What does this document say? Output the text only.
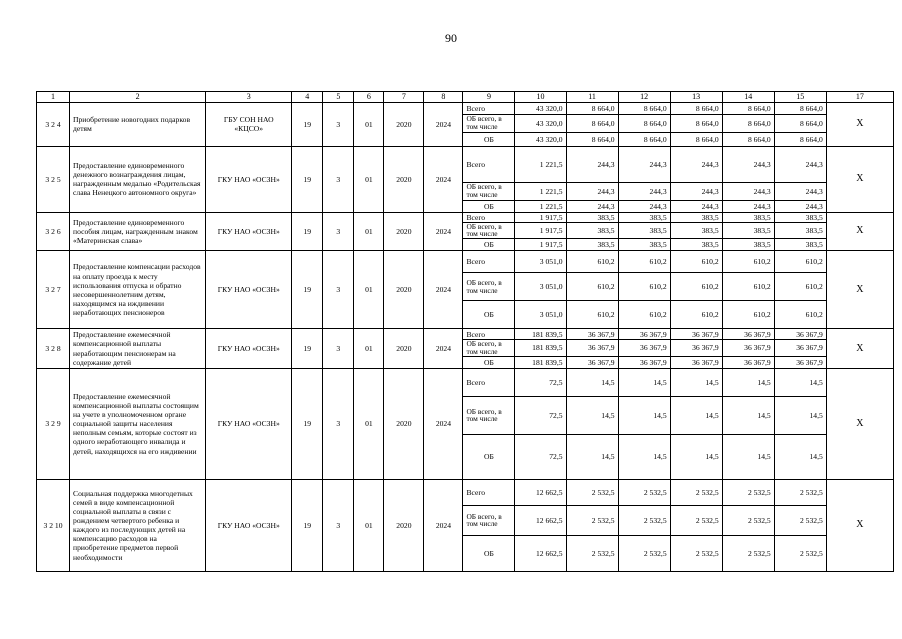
90
1	2	3	4	5	6	7	8	9	10	11	12	13	14	15	17
3 2 4	Приобретение новогодних подарков детям	ГБУ СОН НАО «КЦСО»	19	3	01	2020	2024	Всего	43 320,0	8 664,0	8 664,0	8 664,0	8 664,0	8 664,0	X
								ОБ всего, в том числе	43 320,0	8 664,0	8 664,0	8 664,0	8 664,0	8 664,0	
								ОБ	43 320,0	8 664,0	8 664,0	8 664,0	8 664,0	8 664,0	
3 2 5	Предоставление единовременного денежного вознаграждения лицам, награжденным медалью «Родительская слава Ненецкого автономного округа»	ГКУ НАО «ОСЗН»	19	3	01	2020	2024	Всего	1 221,5	244,3	244,3	244,3	244,3	244,3	X
								ОБ всего, в том числе	1 221,5	244,3	244,3	244,3	244,3	244,3	
								ОБ	1 221,5	244,3	244,3	244,3	244,3	244,3	
3 2 6	Предоставление единовременного пособия лицам, награжденным знаком «Материнская слава»	ГКУ НАО «ОСЗН»	19	3	01	2020	2024	Всего	1 917,5	383,5	383,5	383,5	383,5	383,5	X
								ОБ всего, в том числе	1 917,5	383,5	383,5	383,5	383,5	383,5	
								ОБ	1 917,5	383,5	383,5	383,5	383,5	383,5	
3 2 7	Предоставление компенсации расходов на оплату проезда к месту использования отпуска и обратно несовершеннолетним детям, находящимся на иждивении неработающих пенсионеров	ГКУ НАО «ОСЗН»	19	3	01	2020	2024	Всего	3 051,0	610,2	610,2	610,2	610,2	610,2	X
								ОБ всего, в том числе	3 051,0	610,2	610,2	610,2	610,2	610,2	
								ОБ	3 051,0	610,2	610,2	610,2	610,2	610,2	
3 2 8	Предоставление ежемесячной компенсационной выплаты неработающим пенсионерам на содержание детей	ГКУ НАО «ОСЗН»	19	3	01	2020	2024	Всего	181 839,5	36 367,9	36 367,9	36 367,9	36 367,9	36 367,9	X
								ОБ всего, в том числе	181 839,5	36 367,9	36 367,9	36 367,9	36 367,9	36 367,9	
								ОБ	181 839,5	36 367,9	36 367,9	36 367,9	36 367,9	36 367,9	
3 2 9	Предоставление ежемесячной компенсационной выплаты состоящим на учете в уполномоченном органе социальной защиты населения неполным семьям, которые состоят из одного неработающего инвалида и детей, находящихся на его иждивении	ГКУ НАО «ОСЗН»	19	3	01	2020	2024	Всего	72,5	14,5	14,5	14,5	14,5	14,5	X
								ОБ всего, в том числе	72,5	14,5	14,5	14,5	14,5	14,5	
								ОБ	72,5	14,5	14,5	14,5	14,5	14,5	
3 2 10	Социальная поддержка многодетных семей в виде компенсационной социальной выплаты в связи с рождением четвертого ребенка и каждого из последующих детей на компенсацию расходов на приобретение предметов первой необходимости	ГКУ НАО «ОСЗН»	19	3	01	2020	2024	Всего	12 662,5	2 532,5	2 532,5	2 532,5	2 532,5	2 532,5	X
								ОБ всего, в том числе	12 662,5	2 532,5	2 532,5	2 532,5	2 532,5	2 532,5	
								ОБ	12 662,5	2 532,5	2 532,5	2 532,5	2 532,5	2 532,5	
